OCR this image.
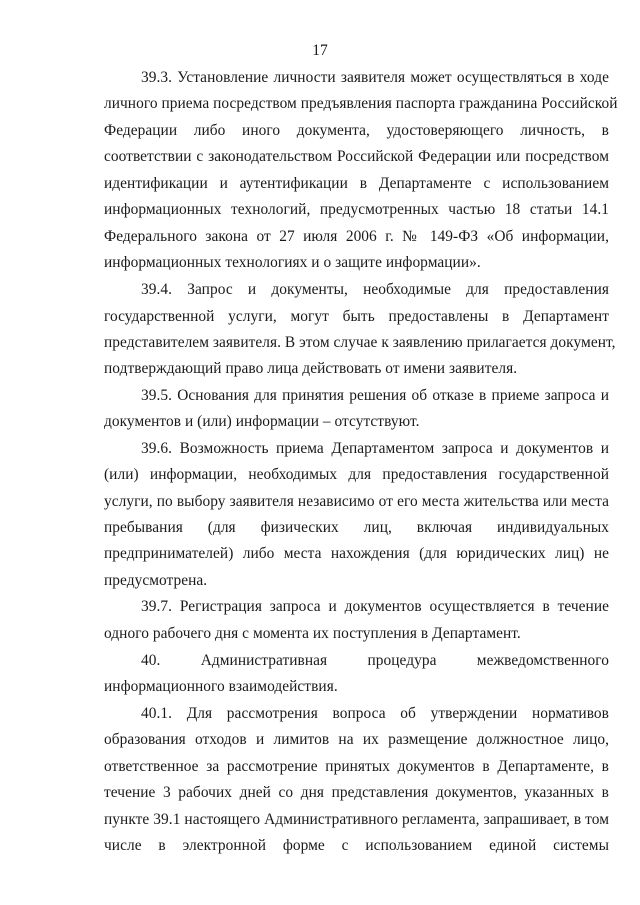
17
39.3. Установление личности заявителя может осуществляться в ходе
личного приема посредством предъявления паспорта гражданина Российской
Федерации либо иного документа, удостоверяющего личность, в
соответствии с законодательством Российской Федерации или посредством
идентификации и аутентификации в Департаменте с использованием
информационных технологий, предусмотренных частью 18 статьи 14.1
Федерального закона от 27 июля 2006 г. № 149-ФЗ «Об информации,
информационных технологиях и о защите информации».
39.4. Запрос и документы, необходимые для предоставления
государственной услуги, могут быть предоставлены в Департамент
представителем заявителя. В этом случае к заявлению прилагается документ,
подтверждающий право лица действовать от имени заявителя.
39.5. Основания для принятия решения об отказе в приеме запроса и
документов и (или) информации – отсутствуют.
39.6. Возможность приема Департаментом запроса и документов и
(или) информации, необходимых для предоставления государственной
услуги, по выбору заявителя независимо от его места жительства или места
пребывания (для физических лиц, включая индивидуальных
предпринимателей) либо места нахождения (для юридических лиц) не
предусмотрена.
39.7. Регистрация запроса и документов осуществляется в течение
одного рабочего дня с момента их поступления в Департамент.
40. Административная процедура межведомственного
информационного взаимодействия.
40.1. Для рассмотрения вопроса об утверждении нормативов
образования отходов и лимитов на их размещение должностное лицо,
ответственное за рассмотрение принятых документов в Департаменте, в
течение 3 рабочих дней со дня представления документов, указанных в
пункте 39.1 настоящего Административного регламента, запрашивает, в том
числе в электронной форме с использованием единой системы
